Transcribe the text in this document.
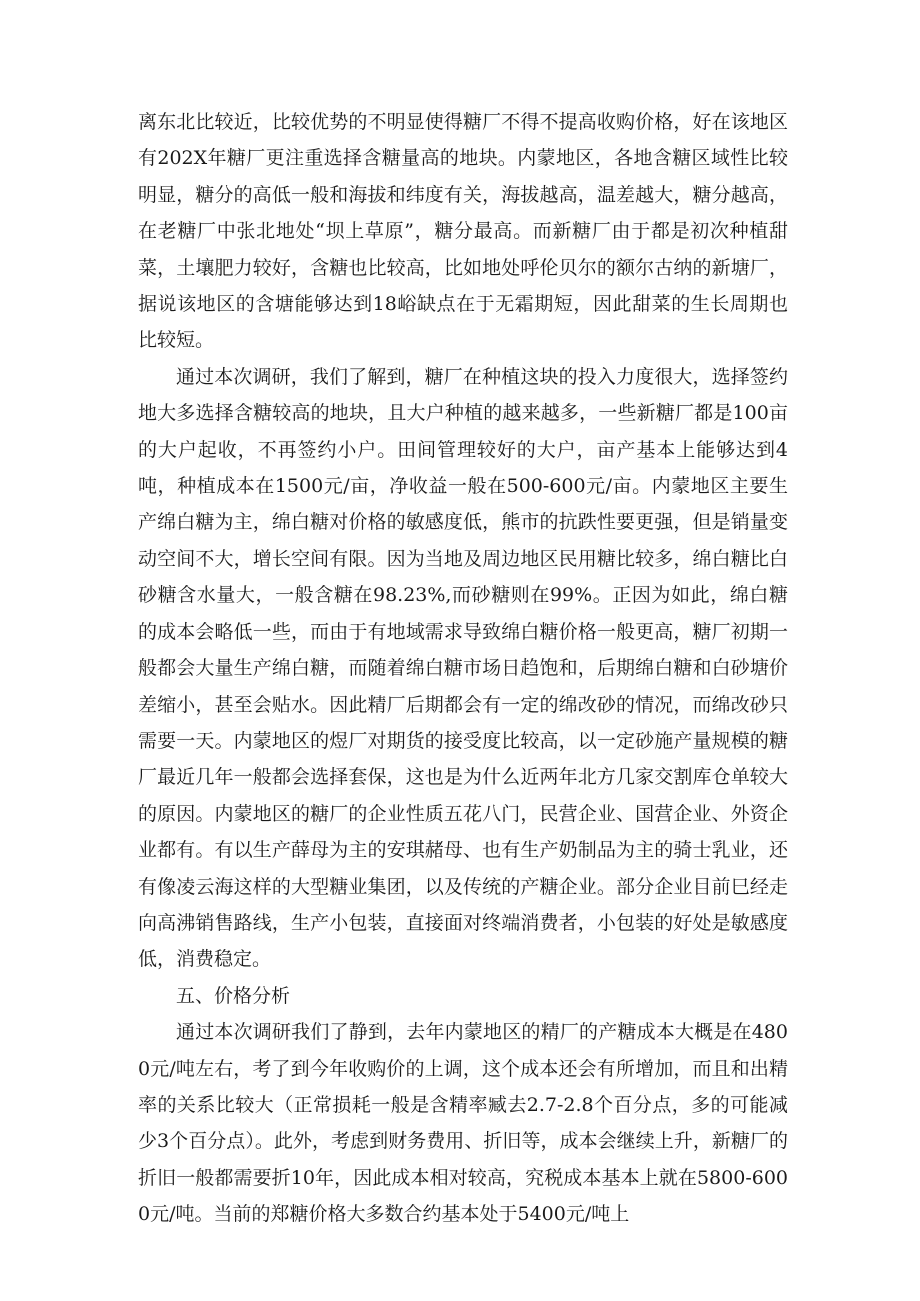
离东北比较近，比较优势的不明显使得糖厂不得不提高收购价格，好在该地区有202X年糖厂更注重选择含糖量高的地块。内蒙地区，各地含糖区域性比较明显，糖分的高低一般和海拔和纬度有关，海拔越高，温差越大，糖分越高，在老糖厂中张北地处“坝上草原”，糖分最高。而新糖厂由于都是初次种植甜菜，土壤肥力较好，含糖也比较高，比如地处呼伦贝尔的额尔古纳的新塘厂，据说该地区的含塘能够达到18峪缺点在于无霜期短，因此甜菜的生长周期也比较短。

通过本次调研，我们了解到，糖厂在种植这块的投入力度很大，选择签约地大多选择含糖较高的地块，且大户种植的越来越多，一些新糖厂都是100亩的大户起收，不再签约小户。田间管理较好的大户，亩产基本上能够达到4吨，种植成本在1500元/亩，净收益一般在500-600元/亩。内蒙地区主要生产绵白糖为主，绵白糖对价格的敏感度低，熊市的抗跌性要更强，但是销量变动空间不大，增长空间有限。因为当地及周边地区民用糖比较多，绵白糖比白砂糖含水量大，一般含糖在98.23%,而砂糖则在99%。正因为如此，绵白糖的成本会略低一些，而由于有地域需求导致绵白糖价格一般更高，糖厂初期一般都会大量生产绵白糖，而随着绵白糖市场日趋饱和，后期绵白糖和白砂塘价差缩小，甚至会贴水。因此精厂后期都会有一定的绵改砂的情况，而绵改砂只需要一天。内蒙地区的煜厂对期货的接受度比较高，以一定砂施产量规模的糖厂最近几年一般都会选择套保，这也是为什么近两年北方几家交割库仓单较大的原因。内蒙地区的糖厂的企业性质五花八门，民营企业、国营企业、外资企业都有。有以生产薛母为主的安琪赭母、也有生产奶制品为主的骑士乳业，还有像凌云海这样的大型糖业集团，以及传统的产糖企业。部分企业目前巳经走向高沸销售路线，生产小包装，直接面对终端消费者，小包装的好处是敏感度低，消费稳定。

五、价格分析

通过本次调研我们了静到，去年内蒙地区的精厂的产糖成本大概是在4800元/吨左右，考了到今年收购价的上调，这个成本还会有所增加，而且和出精率的关系比较大（正常损耗一般是含精率臧去2.7-2.8个百分点，多的可能减少3个百分点）。此外，考虑到财务费用、折旧等，成本会继续上升，新糖厂的折旧一般都需要折10年，因此成本相对较高，究税成本基本上就在5800-6000元/吨。当前的郑糖价格大多数合约基本处于5400元/吨上
